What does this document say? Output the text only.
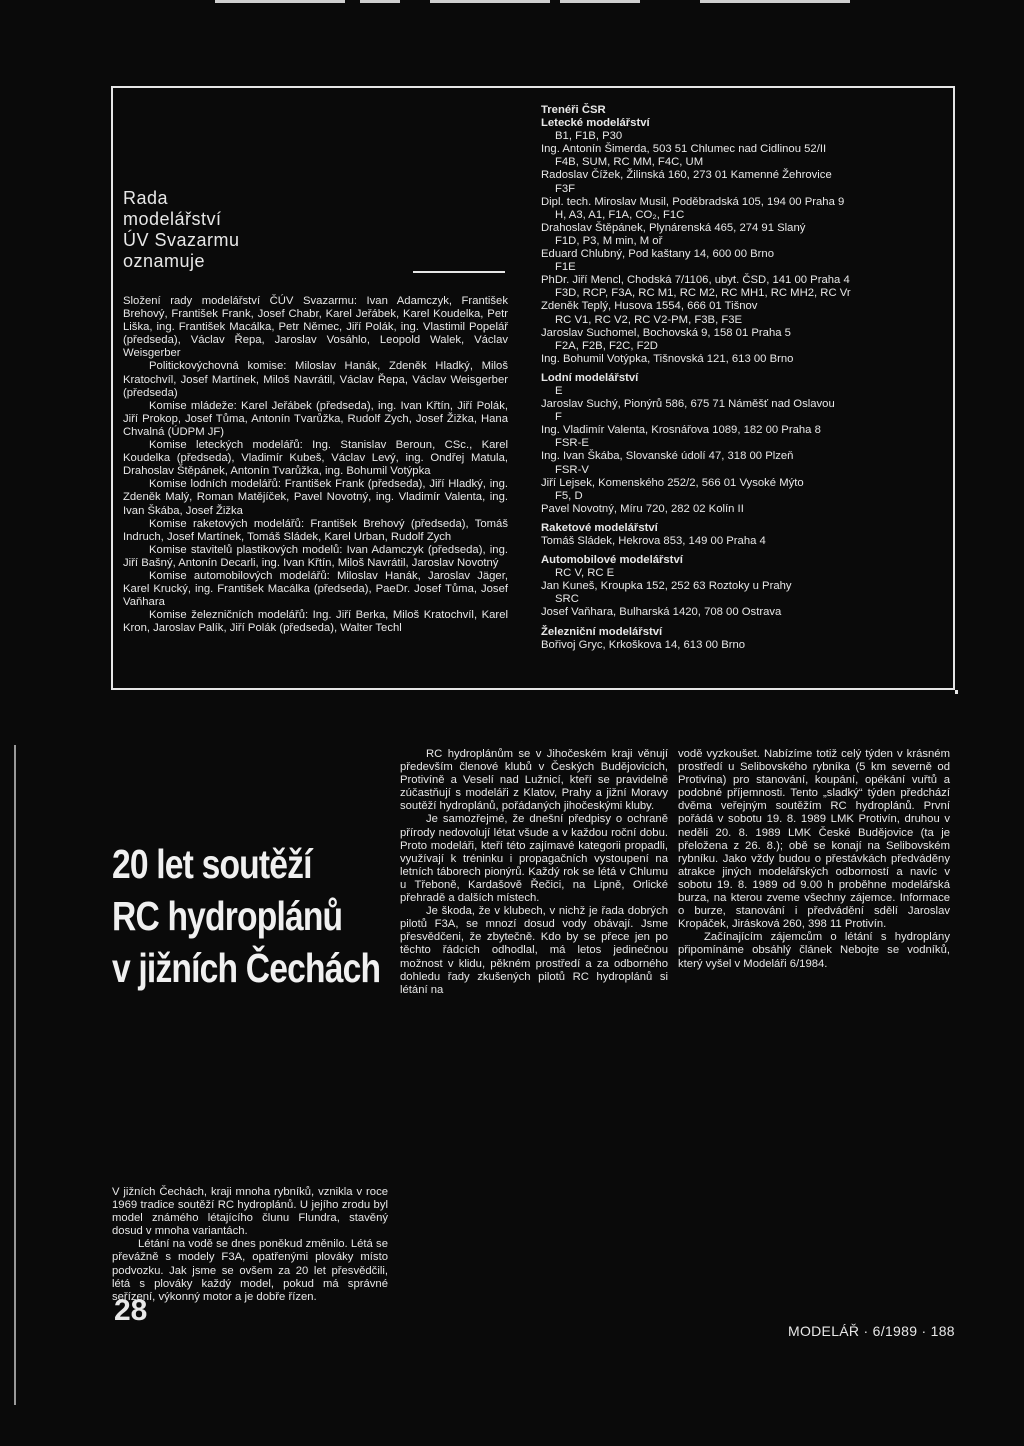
Rada
modelářství
ÚV Svazarmu
oznamuje

Složení rady modelářství ČÚV Svazarmu: Ivan Adamczyk, František Brehový, František Frank, Josef Chabr, Karel Jeřábek, Karel Koudelka, Petr Liška, ing. František Macálka, Petr Němec, Jiří Polák, ing. Vlastimil Popelář (předseda), Václav Řepa, Jaroslav Vosáhlo, Leopold Walek, Václav Weisgerber

Politickovýchovná komise: Miloslav Hanák, Zdeněk Hladký, Miloš Kratochvíl, Josef Martínek, Miloš Navrátil, Václav Řepa, Václav Weisgerber (předseda)

Komise mládeže: Karel Jeřábek (předseda), ing. Ivan Křtín, Jiří Polák, Jiří Prokop, Josef Tůma, Antonín Tvarůžka, Rudolf Zych, Josef Žižka, Hana Chvalná (ÚDPM JF)

Komise leteckých modelářů: Ing. Stanislav Beroun, CSc., Karel Koudelka (předseda), Vladimír Kubeš, Václav Levý, ing. Ondřej Matula, Drahoslav Štěpánek, Antonín Tvarůžka, ing. Bohumil Votýpka

Komise lodních modelářů: František Frank (předseda), Jiří Hladký, ing. Zdeněk Malý, Roman Matějíček, Pavel Novotný, ing. Vladimír Valenta, ing. Ivan Škába, Josef Žižka

Komise raketových modelářů: František Brehový (předseda), Tomáš Indruch, Josef Martínek, Tomáš Sládek, Karel Urban, Rudolf Zych

Komise stavitelů plastikových modelů: Ivan Adamczyk (předseda), ing. Jiří Bašný, Antonín Decarli, ing. Ivan Křtín, Miloš Navrátil, Jaroslav Novotný

Komise automobilových modelářů: Miloslav Hanák, Jaroslav Jäger, Karel Krucký, ing. František Macálka (předseda), PaeDr. Josef Tůma, Josef Vaňhara

Komise železničních modelářů: Ing. Jiří Berka, Miloš Kratochvíl, Karel Kron, Jaroslav Palík, Jiří Polák (předseda), Walter Techl

Trenéři ČSR
Letecké modelářství
B1, F1B, P30
Ing. Antonín Šimerda, 503 51 Chlumec nad Cidlinou 52/II
F4B, SUM, RC MM, F4C, UM
Radoslav Čížek, Žilinská 160, 273 01 Kamenné Žehrovice
F3F
Dipl. tech. Miroslav Musil, Poděbradská 105, 194 00 Praha 9
H, A3, A1, F1A, CO₂, F1C
Drahoslav Štěpánek, Plynárenská 465, 274 91 Slaný
F1D, P3, M min, M oř
Eduard Chlubný, Pod kaštany 14, 600 00 Brno
F1E
PhDr. Jiří Mencl, Chodská 7/1106, ubyt. ČSD, 141 00 Praha 4
F3D, RCP, F3A, RC M1, RC M2, RC MH1, RC MH2, RC Vr
Zdeněk Teplý, Husova 1554, 666 01 Tišnov
RC V1, RC V2, RC V2-PM, F3B, F3E
Jaroslav Suchomel, Bochovská 9, 158 01 Praha 5
F2A, F2B, F2C, F2D
Ing. Bohumil Votýpka, Tišnovská 121, 613 00 Brno
Lodní modelářství
E
Jaroslav Suchý, Pionýrů 586, 675 71 Náměšť nad Oslavou
F
Ing. Vladimír Valenta, Krosnářova 1089, 182 00 Praha 8
FSR-E
Ing. Ivan Škába, Slovanské údolí 47, 318 00 Plzeň
FSR-V
Jiří Lejsek, Komenského 252/2, 566 01 Vysoké Mýto
F5, D
Pavel Novotný, Míru 720, 282 02 Kolín II
Raketové modelářství
Tomáš Sládek, Hekrova 853, 149 00 Praha 4
Automobilové modelářství
RC V, RC E
Jan Kuneš, Kroupka 152, 252 63 Roztoky u Prahy
SRC
Josef Vaňhara, Bulharská 1420, 708 00 Ostrava
Železniční modelářství
Bořivoj Gryc, Krkoškova 14, 613 00 Brno
20 let soutěží
RC hydroplánů
v jižních Čechách

V jižních Čechách, kraji mnoha rybníků, vznikla v roce 1969 tradice soutěží RC hydroplánů. U jejího zrodu byl model známého létajícího člunu Flundra, stavěný dosud v mnoha variantách.

Létání na vodě se dnes poněkud změnilo. Létá se převážně s modely F3A, opatřenými plováky místo podvozku. Jak jsme se ovšem za 20 let přesvědčili, létá s plováky každý model, pokud má správné seřízení, výkonný motor a je dobře řízen.

RC hydroplánům se v Jihočeském kraji věnují především členové klubů v Českých Budějovicích, Protivíně a Veselí nad Lužnicí, kteří se pravidelně zúčastňují s modeláři z Klatov, Prahy a jižní Moravy soutěží hydroplánů, pořádaných jihočeskými kluby.

Je samozřejmé, že dnešní předpisy o ochraně přírody nedovolují létat všude a v každou roční dobu. Proto modeláři, kteří této zajímavé kategorii propadli, využívají k tréninku i propagačních vystoupení na letních táborech pionýrů. Každý rok se létá v Chlumu u Třeboně, Kardašově Řečici, na Lipně, Orlické přehradě a dalších místech.

Je škoda, že v klubech, v nichž je řada dobrých pilotů F3A, se mnozí dosud vody obávají. Jsme přesvědčeni, že zbytečně. Kdo by se přece jen po těchto řádcích odhodlal, má letos jedinečnou možnost v klidu, pěkném prostředí a za odborného dohledu řady zkušených pilotů RC hydroplánů si létání na

vodě vyzkoušet. Nabízíme totiž celý týden v krásném prostředí u Selibovského rybníka (5 km severně od Protivína) pro stanování, koupání, opékání vuřtů a podobné příjemnosti. Tento „sladký“ týden předchází dvěma veřejným soutěžím RC hydroplánů. První pořádá v sobotu 19. 8. 1989 LMK Protivín, druhou v neděli 20. 8. 1989 LMK České Budějovice (ta je přeložena z 26. 8.); obě se konají na Selibovském rybníku. Jako vždy budou o přestávkách předváděny atrakce jiných modelářských odborností a navíc v sobotu 19. 8. 1989 od 9.00 h proběhne modelářská burza, na kterou zveme všechny zájemce. Informace o burze, stanování i předvádění sdělí Jaroslav Kropáček, Jirásková 260, 398 11 Protivín.

Začínajícím zájemcům o létání s hydroplány připomínáme obsáhlý článek Nebojte se vodníků, který vyšel v Modeláři 6/1984.

28
MODELÁŘ · 6/1989 · 188
